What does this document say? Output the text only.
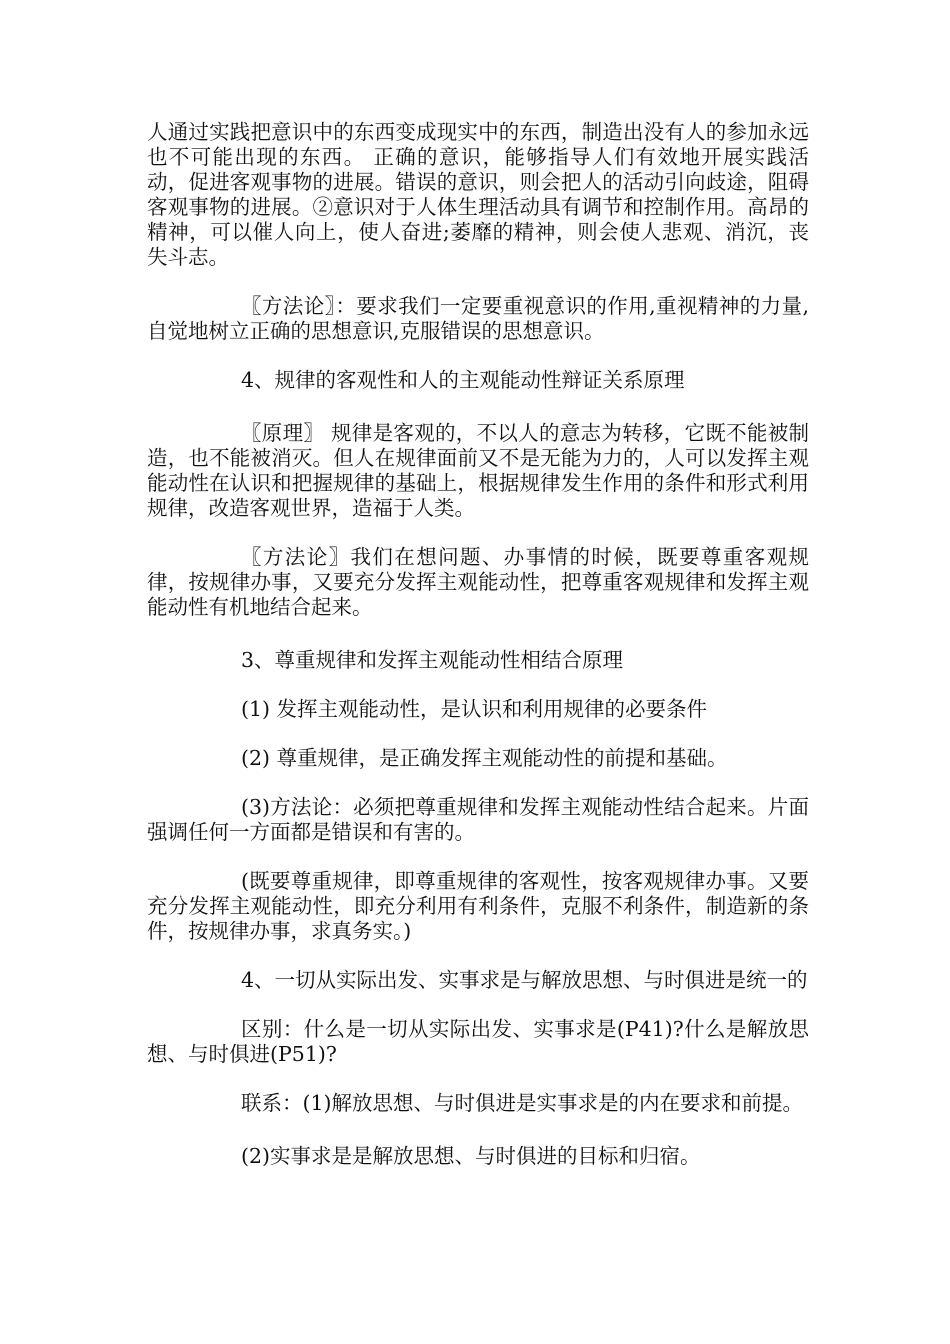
人通过实践把意识中的东西变成现实中的东西，制造出没有人的参加永远也不可能出现的东西。 正确的意识，能够指导人们有效地开展实践活动，促进客观事物的进展。错误的意识，则会把人的活动引向歧途，阻碍客观事物的进展。②意识对于人体生理活动具有调节和控制作用。高昂的精神，可以催人向上，使人奋进;萎靡的精神，则会使人悲观、消沉，丧失斗志。

〖方法论〗：要求我们一定要重视意识的作用,重视精神的力量,自觉地树立正确的思想意识,克服错误的思想意识。

4、规律的客观性和人的主观能动性辩证关系原理

〖原理〗 规律是客观的，不以人的意志为转移，它既不能被制造，也不能被消灭。但人在规律面前又不是无能为力的，人可以发挥主观能动性在认识和把握规律的基础上，根据规律发生作用的条件和形式利用规律，改造客观世界，造福于人类。

〖方法论〗我们在想问题、办事情的时候，既要尊重客观规律，按规律办事，又要充分发挥主观能动性，把尊重客观规律和发挥主观能动性有机地结合起来。

3、尊重规律和发挥主观能动性相结合原理

(1) 发挥主观能动性，是认识和利用规律的必要条件

(2) 尊重规律，是正确发挥主观能动性的前提和基础。

(3)方法论：必须把尊重规律和发挥主观能动性结合起来。片面强调任何一方面都是错误和有害的。

(既要尊重规律，即尊重规律的客观性，按客观规律办事。又要充分发挥主观能动性，即充分利用有利条件，克服不利条件，制造新的条件，按规律办事，求真务实。)

4、一切从实际出发、实事求是与解放思想、与时俱进是统一的

区别：什么是一切从实际出发、实事求是(P41)?什么是解放思想、与时俱进(P51)?

联系：(1)解放思想、与时俱进是实事求是的内在要求和前提。

(2)实事求是是解放思想、与时俱进的目标和归宿。
